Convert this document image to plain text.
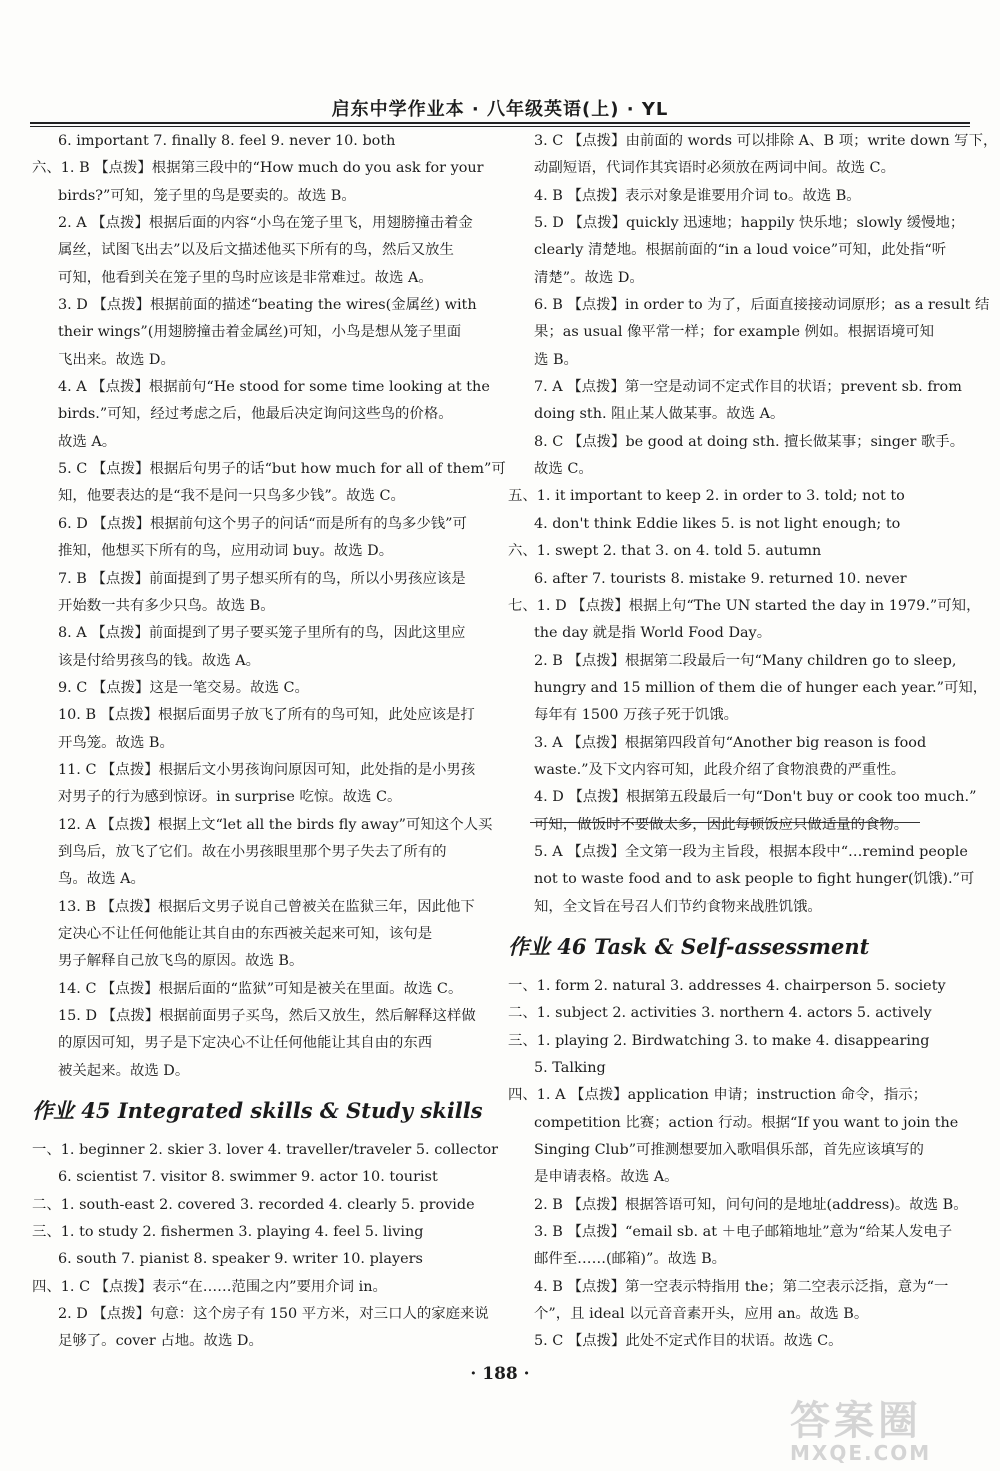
启东中学作业本 · 八年级英语(上) · YL
6. important 7. finally 8. feel 9. never 10. both
六、1. B 【点拨】根据第三段中的“How much do you ask for your
birds?”可知，笼子里的鸟是要卖的。故选 B。
2. A 【点拨】根据后面的内容“小鸟在笼子里飞，用翅膀撞击着金
属丝，试图飞出去”以及后文描述他买下所有的鸟，然后又放生
可知，他看到关在笼子里的鸟时应该是非常难过。故选 A。
3. D 【点拨】根据前面的描述“beating the wires(金属丝) with
their wings”(用翅膀撞击着金属丝)可知，小鸟是想从笼子里面
飞出来。故选 D。
4. A 【点拨】根据前句“He stood for some time looking at the
birds.”可知，经过考虑之后，他最后决定询问这些鸟的价格。
故选 A。
5. C 【点拨】根据后句男子的话“but how much for all of them”可
知，他要表达的是“我不是问一只鸟多少钱”。故选 C。
6. D 【点拨】根据前句这个男子的问话“而是所有的鸟多少钱”可
推知，他想买下所有的鸟，应用动词 buy。故选 D。
7. B 【点拨】前面提到了男子想买所有的鸟，所以小男孩应该是
开始数一共有多少只鸟。故选 B。
8. A 【点拨】前面提到了男子要买笼子里所有的鸟，因此这里应
该是付给男孩鸟的钱。故选 A。
9. C 【点拨】这是一笔交易。故选 C。
10. B 【点拨】根据后面男子放飞了所有的鸟可知，此处应该是打
开鸟笼。故选 B。
11. C 【点拨】根据后文小男孩询问原因可知，此处指的是小男孩
对男子的行为感到惊讶。in surprise 吃惊。故选 C。
12. A 【点拨】根据上文“let all the birds fly away”可知这个人买
到鸟后，放飞了它们。故在小男孩眼里那个男子失去了所有的
鸟。故选 A。
13. B 【点拨】根据后文男子说自己曾被关在监狱三年，因此他下
定决心不让任何他能让其自由的东西被关起来可知，该句是
男子解释自己放飞鸟的原因。故选 B。
14. C 【点拨】根据后面的“监狱”可知是被关在里面。故选 C。
15. D 【点拨】根据前面男子买鸟，然后又放生，然后解释这样做
的原因可知，男子是下定决心不让任何他能让其自由的东西
被关起来。故选 D。
作业 45 Integrated skills & Study skills
一、1. beginner 2. skier 3. lover 4. traveller/traveler 5. collector
6. scientist 7. visitor 8. swimmer 9. actor 10. tourist
二、1. south-east 2. covered 3. recorded 4. clearly 5. provide
三、1. to study 2. fishermen 3. playing 4. feel 5. living
6. south 7. pianist 8. speaker 9. writer 10. players
四、1. C 【点拨】表示“在……范围之内”要用介词 in。
2. D 【点拨】句意：这个房子有 150 平方米，对三口人的家庭来说
足够了。cover 占地。故选 D。
3. C 【点拨】由前面的 words 可以排除 A、B 项；write down 写下，
动副短语，代词作其宾语时必须放在两词中间。故选 C。
4. B 【点拨】表示对象是谁要用介词 to。故选 B。
5. D 【点拨】quickly 迅速地；happily 快乐地；slowly 缓慢地；
clearly 清楚地。根据前面的“in a loud voice”可知，此处指“听
清楚”。故选 D。
6. B 【点拨】in order to 为了，后面直接接动词原形；as a result 结
果；as usual 像平常一样；for example 例如。根据语境可知
选 B。
7. A 【点拨】第一空是动词不定式作目的状语；prevent sb. from
doing sth. 阻止某人做某事。故选 A。
8. C 【点拨】be good at doing sth. 擅长做某事；singer 歌手。
故选 C。
五、1. it important to keep 2. in order to 3. told; not to
4. don't think Eddie likes 5. is not light enough; to
六、1. swept 2. that 3. on 4. told 5. autumn
6. after 7. tourists 8. mistake 9. returned 10. never
七、1. D 【点拨】根据上句“The UN started the day in 1979.”可知，
the day 就是指 World Food Day。
2. B 【点拨】根据第二段最后一句“Many children go to sleep,
hungry and 15 million of them die of hunger each year.”可知，
每年有 1500 万孩子死于饥饿。
3. A 【点拨】根据第四段首句“Another big reason is food
waste.”及下文内容可知，此段介绍了食物浪费的严重性。
4. D 【点拨】根据第五段最后一句“Don't buy or cook too much.”
可知，做饭时不要做太多，因此每顿饭应只做适量的食物。
5. A 【点拨】全文第一段为主旨段，根据本段中“…remind people
not to waste food and to ask people to fight hunger(饥饿).”可
知，全文旨在号召人们节约食物来战胜饥饿。
作业 46 Task & Self-assessment
一、1. form 2. natural 3. addresses 4. chairperson 5. society
二、1. subject 2. activities 3. northern 4. actors 5. actively
三、1. playing 2. Birdwatching 3. to make 4. disappearing
5. Talking
四、1. A 【点拨】application 申请；instruction 命令，指示；
competition 比赛；action 行动。根据“If you want to join the
Singing Club”可推测想要加入歌唱俱乐部，首先应该填写的
是申请表格。故选 A。
2. B 【点拨】根据答语可知，问句问的是地址(address)。故选 B。
3. B 【点拨】“email sb. at ＋电子邮箱地址”意为“给某人发电子
邮件至……(邮箱)”。故选 B。
4. B 【点拨】第一空表示特指用 the；第二空表示泛指，意为“一
个”，且 ideal 以元音音素开头，应用 an。故选 B。
5. C 【点拨】此处不定式作目的状语。故选 C。
· 188 ·
答案圈
MXQE.COM
